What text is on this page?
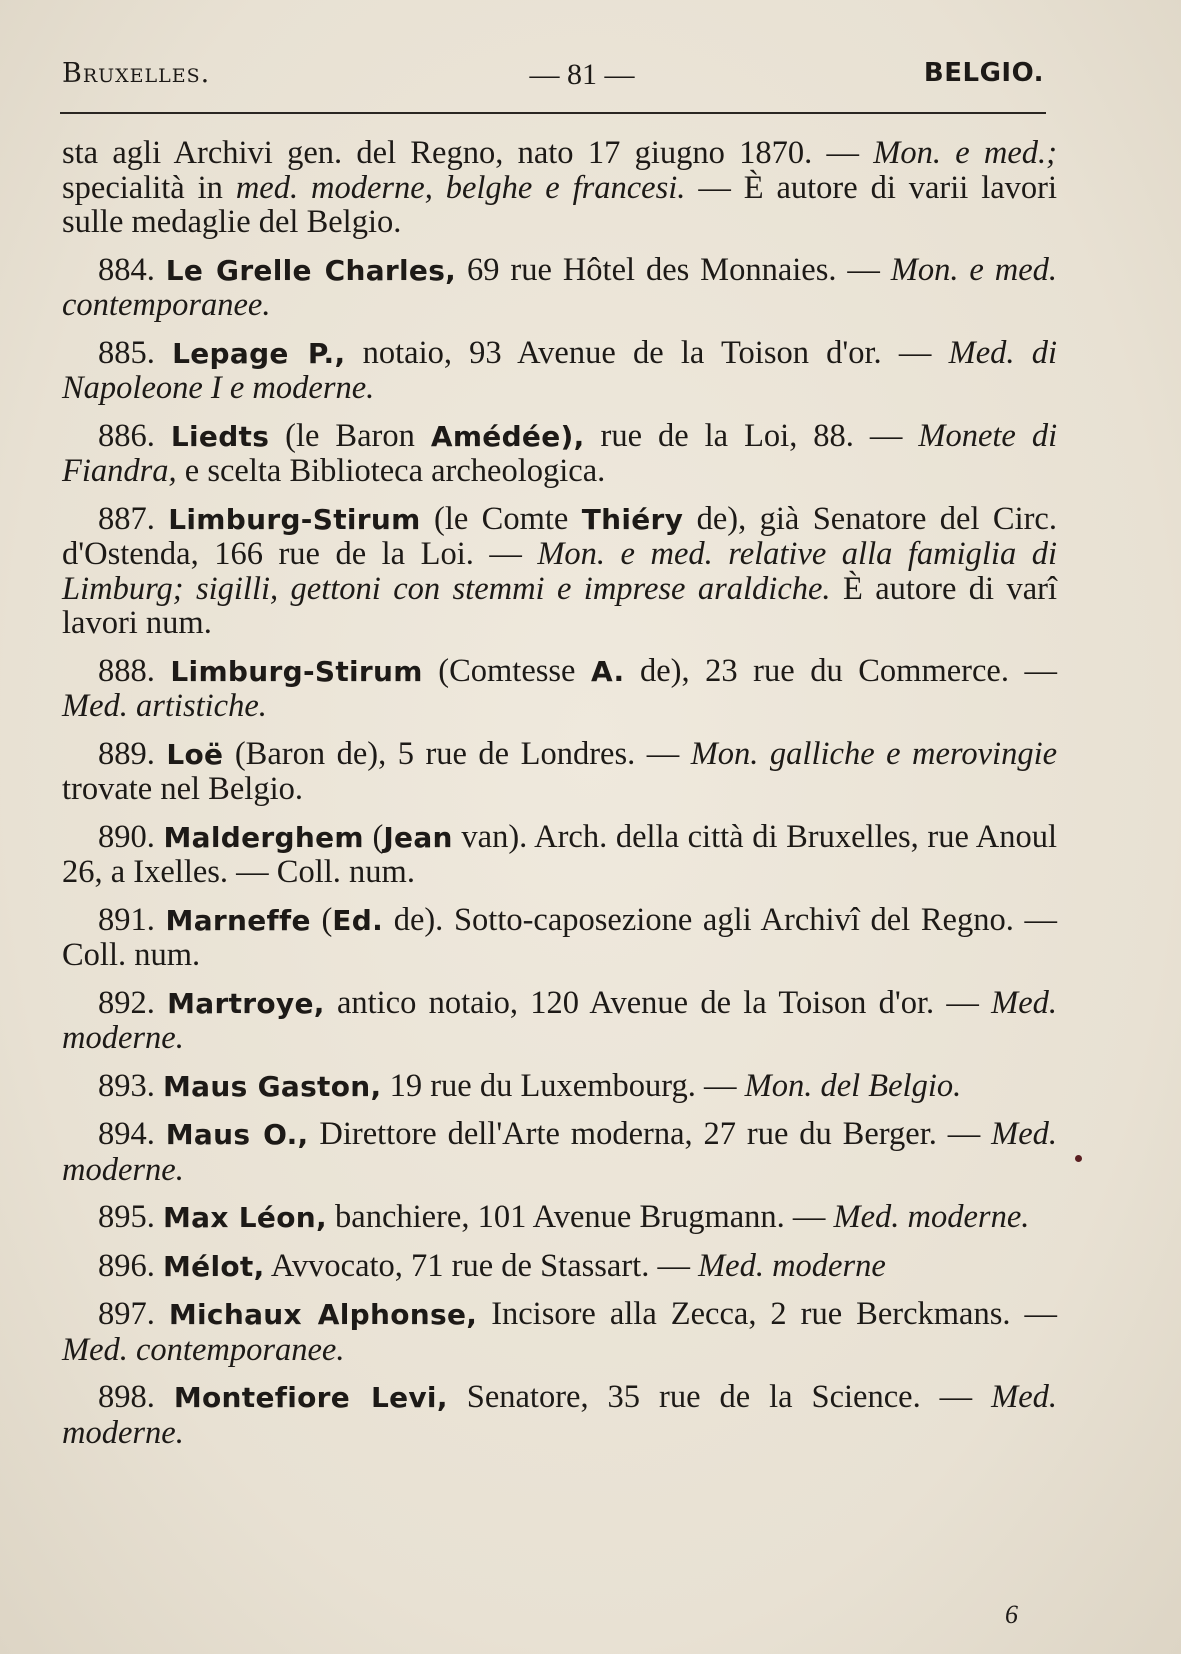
Bruxelles.	— 81 —	BELGIO.

sta agli Archivi gen. del Regno, nato 17 giugno 1870. — Mon. e med.; specialità in med. moderne, belghe e francesi. — È autore di varii lavori sulle medaglie del Belgio.

884. Le Grelle Charles, 69 rue Hôtel des Monnaies. — Mon. e med. contemporanee.

885. Lepage P., notaio, 93 Avenue de la Toison d'or. — Med. di Napoleone I e moderne.

886. Liedts (le Baron Amédée), rue de la Loi, 88. — Monete di Fiandra, e scelta Biblioteca archeologica.

887. Limburg-Stirum (le Comte Thiéry de), già Senatore del Circ. d'Ostenda, 166 rue de la Loi. — Mon. e med. relative alla famiglia di Limburg; sigilli, gettoni con stemmi e imprese araldiche. È autore di varî lavori num.

888. Limburg-Stirum (Comtesse A. de), 23 rue du Commerce. — Med. artistiche.

889. Loë (Baron de), 5 rue de Londres. — Mon. galliche e merovingie trovate nel Belgio.

890. Malderghem (Jean van). Arch. della città di Bruxelles, rue Anoul 26, a Ixelles. — Coll. num.

891. Marneffe (Ed. de). Sotto-caposezione agli Archivî del Regno. — Coll. num.

892. Martroye, antico notaio, 120 Avenue de la Toison d'or. — Med. moderne.

893. Maus Gaston, 19 rue du Luxembourg. — Mon. del Belgio.

894. Maus O., Direttore dell'Arte moderna, 27 rue du Berger. — Med. moderne.

895. Max Léon, banchiere, 101 Avenue Brugmann. — Med. moderne.

896. Mélot, Avvocato, 71 rue de Stassart. — Med. moderne

897. Michaux Alphonse, Incisore alla Zecca, 2 rue Berckmans. — Med. contemporanee.

898. Montefiore Levi, Senatore, 35 rue de la Science. — Med. moderne.

6
